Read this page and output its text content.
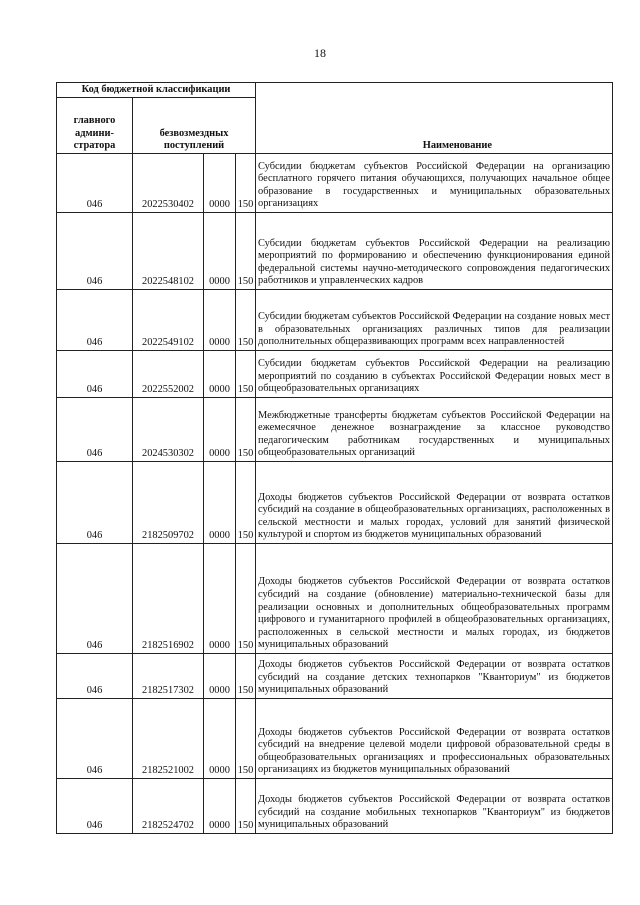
18
Код бюджетной классификации				Наименование
главного админи-стратора	безвозмездных поступлений			
046	2022530402	0000	150	Субсидии бюджетам субъектов Российской Федерации на организацию бесплатного горячего питания обучающихся, получающих начальное общее образование в государственных и муниципальных образовательных организациях
046	2022548102	0000	150	Субсидии бюджетам субъектов Российской Федерации на реализацию мероприятий по формированию и обеспечению функционирования единой федеральной системы научно-методического сопровождения педагогических работников и управленческих кадров
046	2022549102	0000	150	Субсидии бюджетам субъектов Российской Федерации на создание новых мест в образовательных организациях различных типов для реализации дополнительных общеразвивающих программ всех направленностей
046	2022552002	0000	150	Субсидии бюджетам субъектов Российской Федерации на реализацию мероприятий по созданию в субъектах Российской Федерации новых мест в общеобразовательных организациях
046	2024530302	0000	150	Межбюджетные трансферты бюджетам субъектов Российской Федерации на ежемесячное денежное вознаграждение за классное руководство педагогическим работникам государственных и муниципальных общеобразовательных организаций
046	2182509702	0000	150	Доходы бюджетов субъектов Российской Федерации от возврата остатков субсидий на создание в общеобразовательных организациях, расположенных в сельской местности и малых городах, условий для занятий физической культурой и спортом из бюджетов муниципальных образований
046	2182516902	0000	150	Доходы бюджетов субъектов Российской Федерации от возврата остатков субсидий на создание (обновление) материально-технической базы для реализации основных и дополнительных общеобразовательных программ цифрового и гуманитарного профилей в общеобразовательных организациях, расположенных в сельской местности и малых городах, из бюджетов муниципальных образований
046	2182517302	0000	150	Доходы бюджетов субъектов Российской Федерации от возврата остатков субсидий на создание детских технопарков "Кванториум" из бюджетов муниципальных образований
046	2182521002	0000	150	Доходы бюджетов субъектов Российской Федерации от возврата остатков субсидий на внедрение целевой модели цифровой образовательной среды в общеобразовательных организациях и профессиональных образовательных организациях из бюджетов муниципальных образований
046	2182524702	0000	150	Доходы бюджетов субъектов Российской Федерации от возврата остатков субсидий на создание мобильных технопарков "Кванториум" из бюджетов муниципальных образований
